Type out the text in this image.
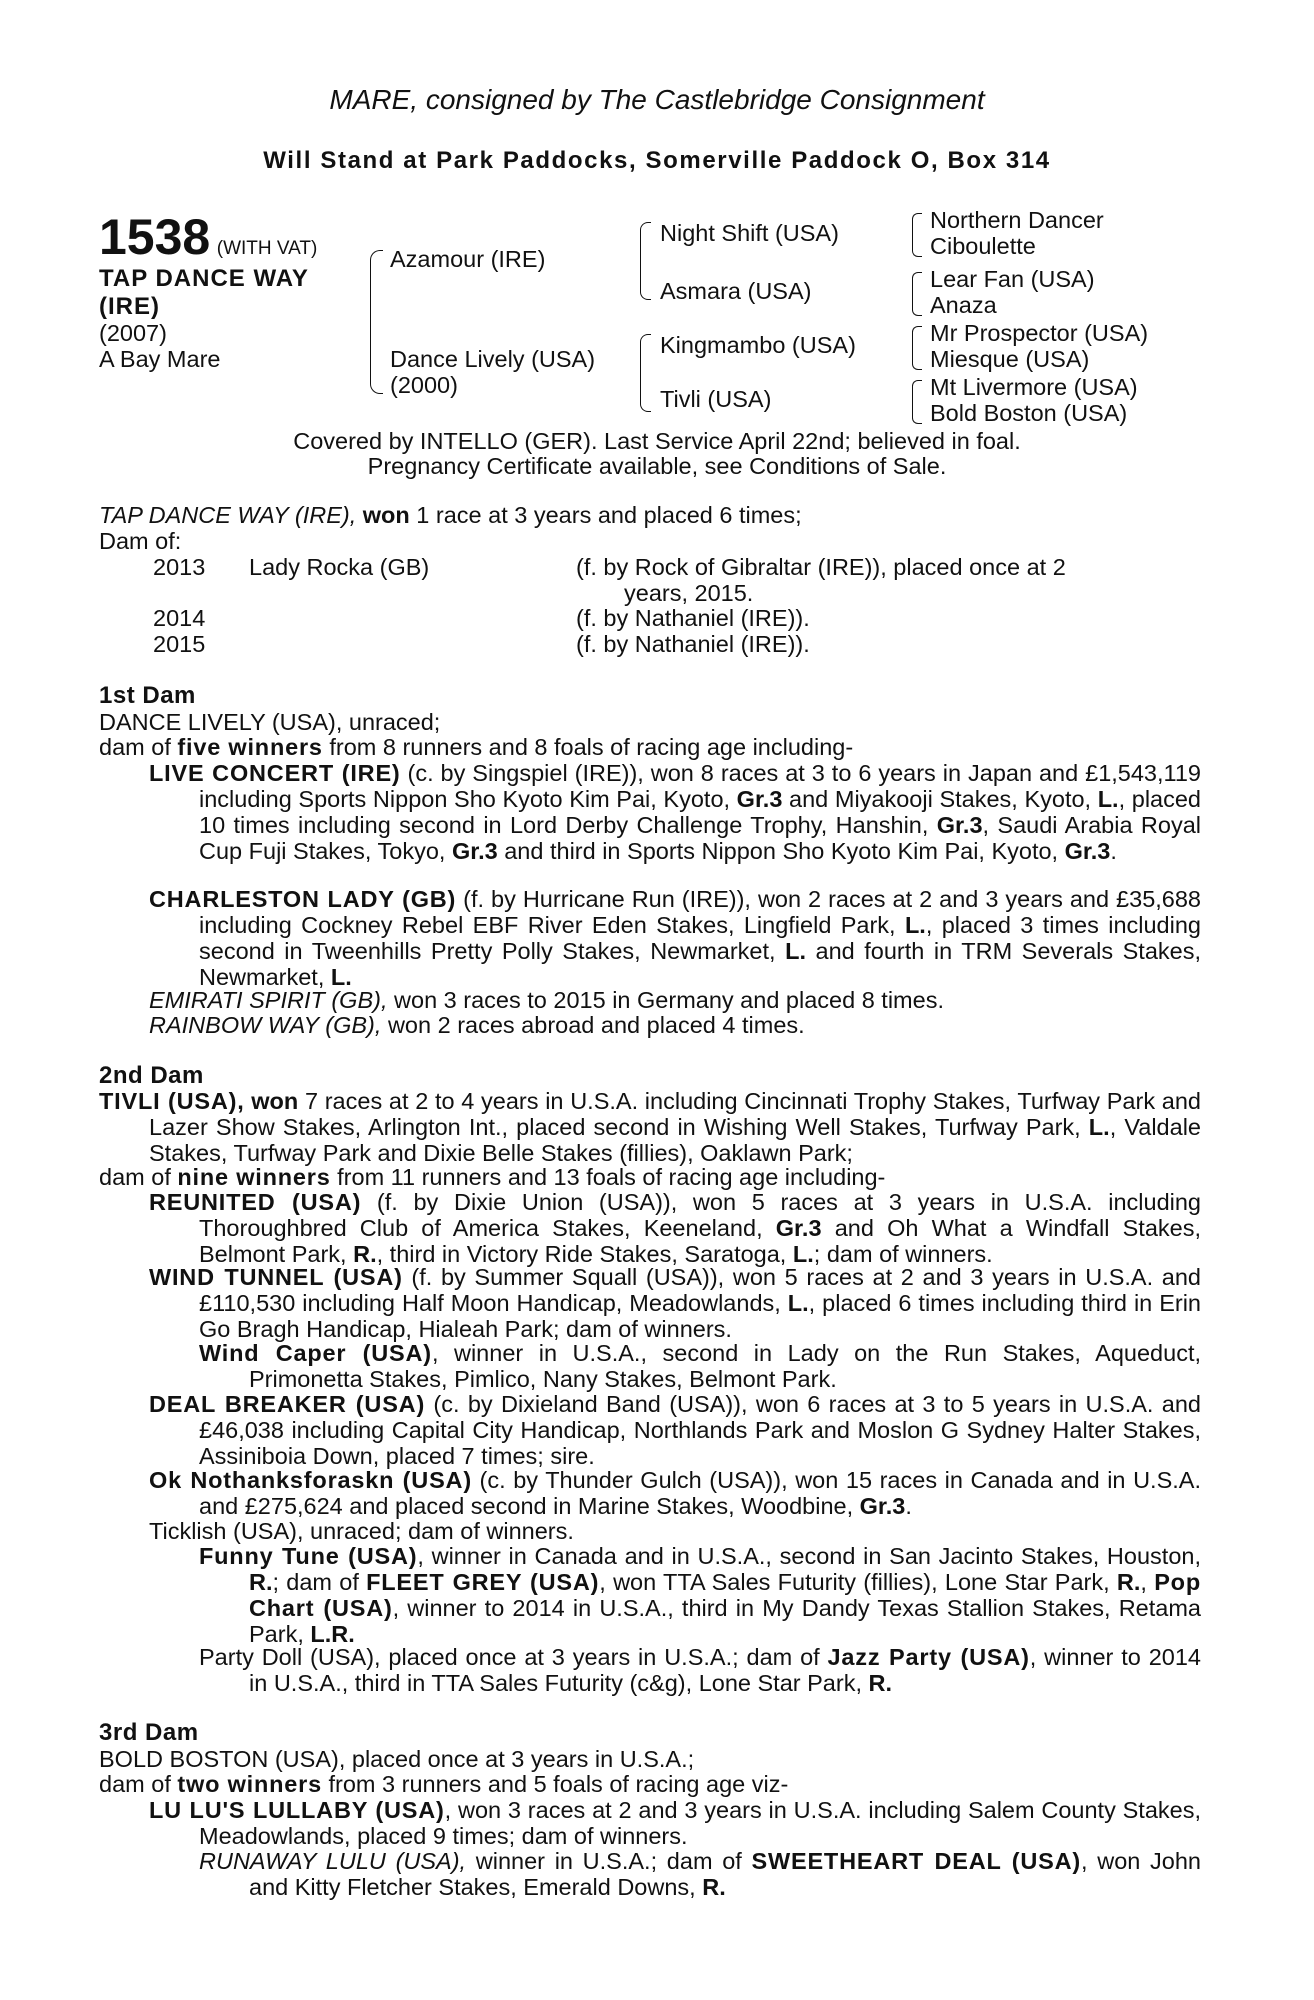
MARE, consigned by The Castlebridge Consignment
Will Stand at Park Paddocks, Somerville Paddock O, Box 314
1538 (WITH VAT)
TAP DANCE WAY
(IRE)
(2007)
A Bay Mare
Azamour (IRE)
Dance Lively (USA)
(2000)
Night Shift (USA)
Asmara (USA)
Kingmambo (USA)
Tivli (USA)
Northern Dancer
Ciboulette
Lear Fan (USA)
Anaza
Mr Prospector (USA)
Miesque (USA)
Mt Livermore (USA)
Bold Boston (USA)
Covered by INTELLO (GER). Last Service April 22nd; believed in foal.
Pregnancy Certificate available, see Conditions of Sale.
TAP DANCE WAY (IRE), won 1 race at 3 years and placed 6 times;
Dam of:
2013 Lady Rocka (GB)	(f. by Rock of Gibraltar (IRE)), placed once at 2
years, 2015.
2014	(f. by Nathaniel (IRE)).
2015	(f. by Nathaniel (IRE)).
1st Dam
DANCE LIVELY (USA), unraced;
dam of five winners from 8 runners and 8 foals of racing age including-
LIVE CONCERT (IRE) (c. by Singspiel (IRE)), won 8 races at 3 to 6 years in Japan and £1,543,119 including Sports Nippon Sho Kyoto Kim Pai, Kyoto, Gr.3 and Miyakooji Stakes, Kyoto, L., placed 10 times including second in Lord Derby Challenge Trophy, Hanshin, Gr.3, Saudi Arabia Royal Cup Fuji Stakes, Tokyo, Gr.3 and third in Sports Nippon Sho Kyoto Kim Pai, Kyoto, Gr.3.
CHARLESTON LADY (GB) (f. by Hurricane Run (IRE)), won 2 races at 2 and 3 years and £35,688 including Cockney Rebel EBF River Eden Stakes, Lingfield Park, L., placed 3 times including second in Tweenhills Pretty Polly Stakes, Newmarket, L. and fourth in TRM Severals Stakes, Newmarket, L.
EMIRATI SPIRIT (GB), won 3 races to 2015 in Germany and placed 8 times.
RAINBOW WAY (GB), won 2 races abroad and placed 4 times.
2nd Dam
TIVLI (USA), won 7 races at 2 to 4 years in U.S.A. including Cincinnati Trophy Stakes, Turfway Park and Lazer Show Stakes, Arlington Int., placed second in Wishing Well Stakes, Turfway Park, L., Valdale Stakes, Turfway Park and Dixie Belle Stakes (fillies), Oaklawn Park;
dam of nine winners from 11 runners and 13 foals of racing age including-
REUNITED (USA) (f. by Dixie Union (USA)), won 5 races at 3 years in U.S.A. including Thoroughbred Club of America Stakes, Keeneland, Gr.3 and Oh What a Windfall Stakes, Belmont Park, R., third in Victory Ride Stakes, Saratoga, L.; dam of winners.
WIND TUNNEL (USA) (f. by Summer Squall (USA)), won 5 races at 2 and 3 years in U.S.A. and £110,530 including Half Moon Handicap, Meadowlands, L., placed 6 times including third in Erin Go Bragh Handicap, Hialeah Park; dam of winners.
Wind Caper (USA), winner in U.S.A., second in Lady on the Run Stakes, Aqueduct, Primonetta Stakes, Pimlico, Nany Stakes, Belmont Park.
DEAL BREAKER (USA) (c. by Dixieland Band (USA)), won 6 races at 3 to 5 years in U.S.A. and £46,038 including Capital City Handicap, Northlands Park and Moslon G Sydney Halter Stakes, Assiniboia Down, placed 7 times; sire.
Ok Nothanksforaskn (USA) (c. by Thunder Gulch (USA)), won 15 races in Canada and in U.S.A. and £275,624 and placed second in Marine Stakes, Woodbine, Gr.3.
Ticklish (USA), unraced; dam of winners.
Funny Tune (USA), winner in Canada and in U.S.A., second in San Jacinto Stakes, Houston, R.; dam of FLEET GREY (USA), won TTA Sales Futurity (fillies), Lone Star Park, R., Pop Chart (USA), winner to 2014 in U.S.A., third in My Dandy Texas Stallion Stakes, Retama Park, L.R.
Party Doll (USA), placed once at 3 years in U.S.A.; dam of Jazz Party (USA), winner to 2014 in U.S.A., third in TTA Sales Futurity (c&g), Lone Star Park, R.
3rd Dam
BOLD BOSTON (USA), placed once at 3 years in U.S.A.;
dam of two winners from 3 runners and 5 foals of racing age viz-
LU LU'S LULLABY (USA), won 3 races at 2 and 3 years in U.S.A. including Salem County Stakes, Meadowlands, placed 9 times; dam of winners.
RUNAWAY LULU (USA), winner in U.S.A.; dam of SWEETHEART DEAL (USA), won John and Kitty Fletcher Stakes, Emerald Downs, R.
